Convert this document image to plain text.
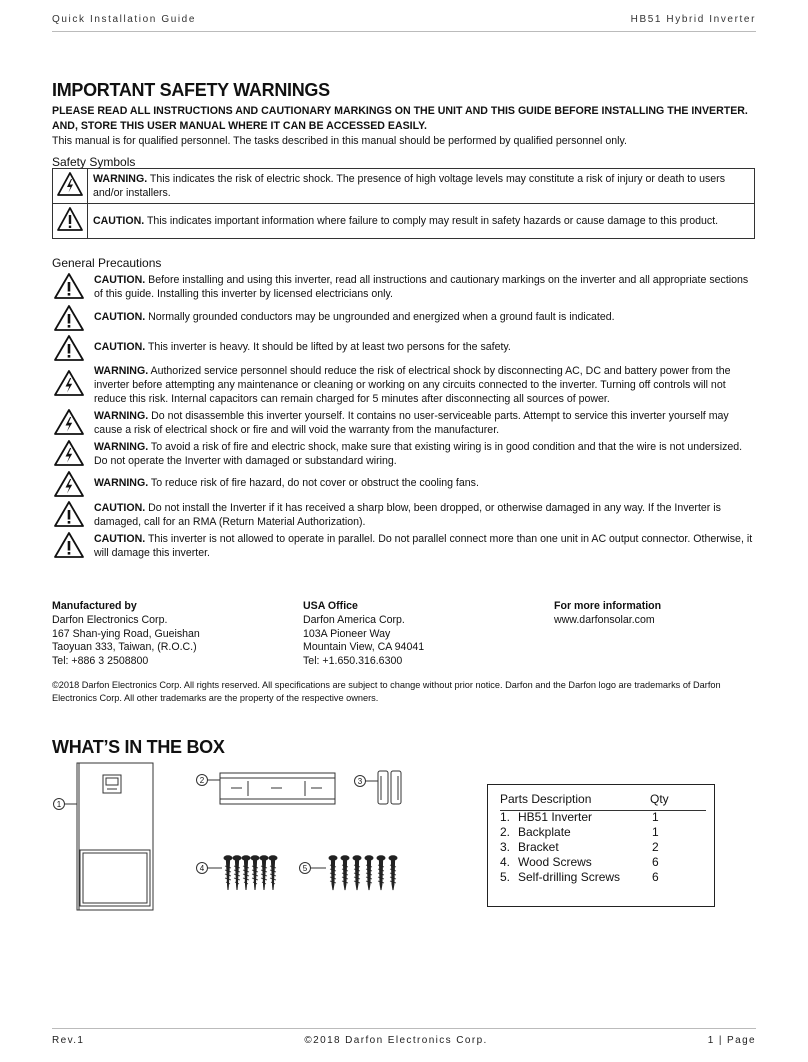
Quick Installation Guide	HB51 Hybrid Inverter
IMPORTANT SAFETY WARNINGS
PLEASE READ ALL INSTRUCTIONS AND CAUTIONARY MARKINGS ON THE UNIT AND THIS GUIDE BEFORE INSTALLING THE INVERTER.
AND, STORE THIS USER MANUAL WHERE IT CAN BE ACCESSED EASILY.
This manual is for qualified personnel. The tasks described in this manual should be performed by qualified personnel only.
Safety Symbols
	WARNING. This indicates the risk of electric shock. The presence of high voltage levels may constitute a risk of injury or death to users and/or installers.
	CAUTION. This indicates important information where failure to comply may result in safety hazards or cause damage to this product.
General Precautions
CAUTION. Before installing and using this inverter, read all instructions and cautionary markings on the inverter and all appropriate sections of this guide. Installing this inverter by licensed electricians only.
CAUTION. Normally grounded conductors may be ungrounded and energized when a ground fault is indicated.
CAUTION. This inverter is heavy. It should be lifted by at least two persons for the safety.
WARNING. Authorized service personnel should reduce the risk of electrical shock by disconnecting AC, DC and battery power from the inverter before attempting any maintenance or cleaning or working on any circuits connected to the inverter. Turning off controls will not reduce this risk. Internal capacitors can remain charged for 5 minutes after disconnecting all sources of power.
WARNING. Do not disassemble this inverter yourself. It contains no user-serviceable parts. Attempt to service this inverter yourself may cause a risk of electrical shock or fire and will void the warranty from the manufacturer.
WARNING. To avoid a risk of fire and electric shock, make sure that existing wiring is in good condition and that the wire is not undersized. Do not operate the Inverter with damaged or substandard wiring.
WARNING. To reduce risk of fire hazard, do not cover or obstruct the cooling fans.
CAUTION. Do not install the Inverter if it has received a sharp blow, been dropped, or otherwise damaged in any way. If the Inverter is damaged, call for an RMA (Return Material Authorization).
CAUTION. This inverter is not allowed to operate in parallel. Do not parallel connect more than one unit in AC output connector. Otherwise, it will damage this inverter.
Manufactured by
Darfon Electronics Corp.
167 Shan-ying Road, Gueishan
Taoyuan 333, Taiwan, (R.O.C.)
Tel: +886 3 2508800
USA Office
Darfon America Corp.
103A Pioneer Way
Mountain View, CA 94041
Tel: +1.650.316.6300
For more information
www.darfonsolar.com
©2018 Darfon Electronics Corp. All rights reserved. All specifications are subject to change without prior notice. Darfon and the Darfon logo are trademarks of Darfon Electronics Corp. All other trademarks are the property of the respective owners.
WHAT’S IN THE BOX
1
2	3
4	5
Parts Description	Qty
1. HB51 Inverter	1
2. Backplate	1
3. Bracket	2
4. Wood Screws	6
5. Self-drilling Screws	6
Rev.1	©2018 Darfon Electronics Corp.	1 | Page
